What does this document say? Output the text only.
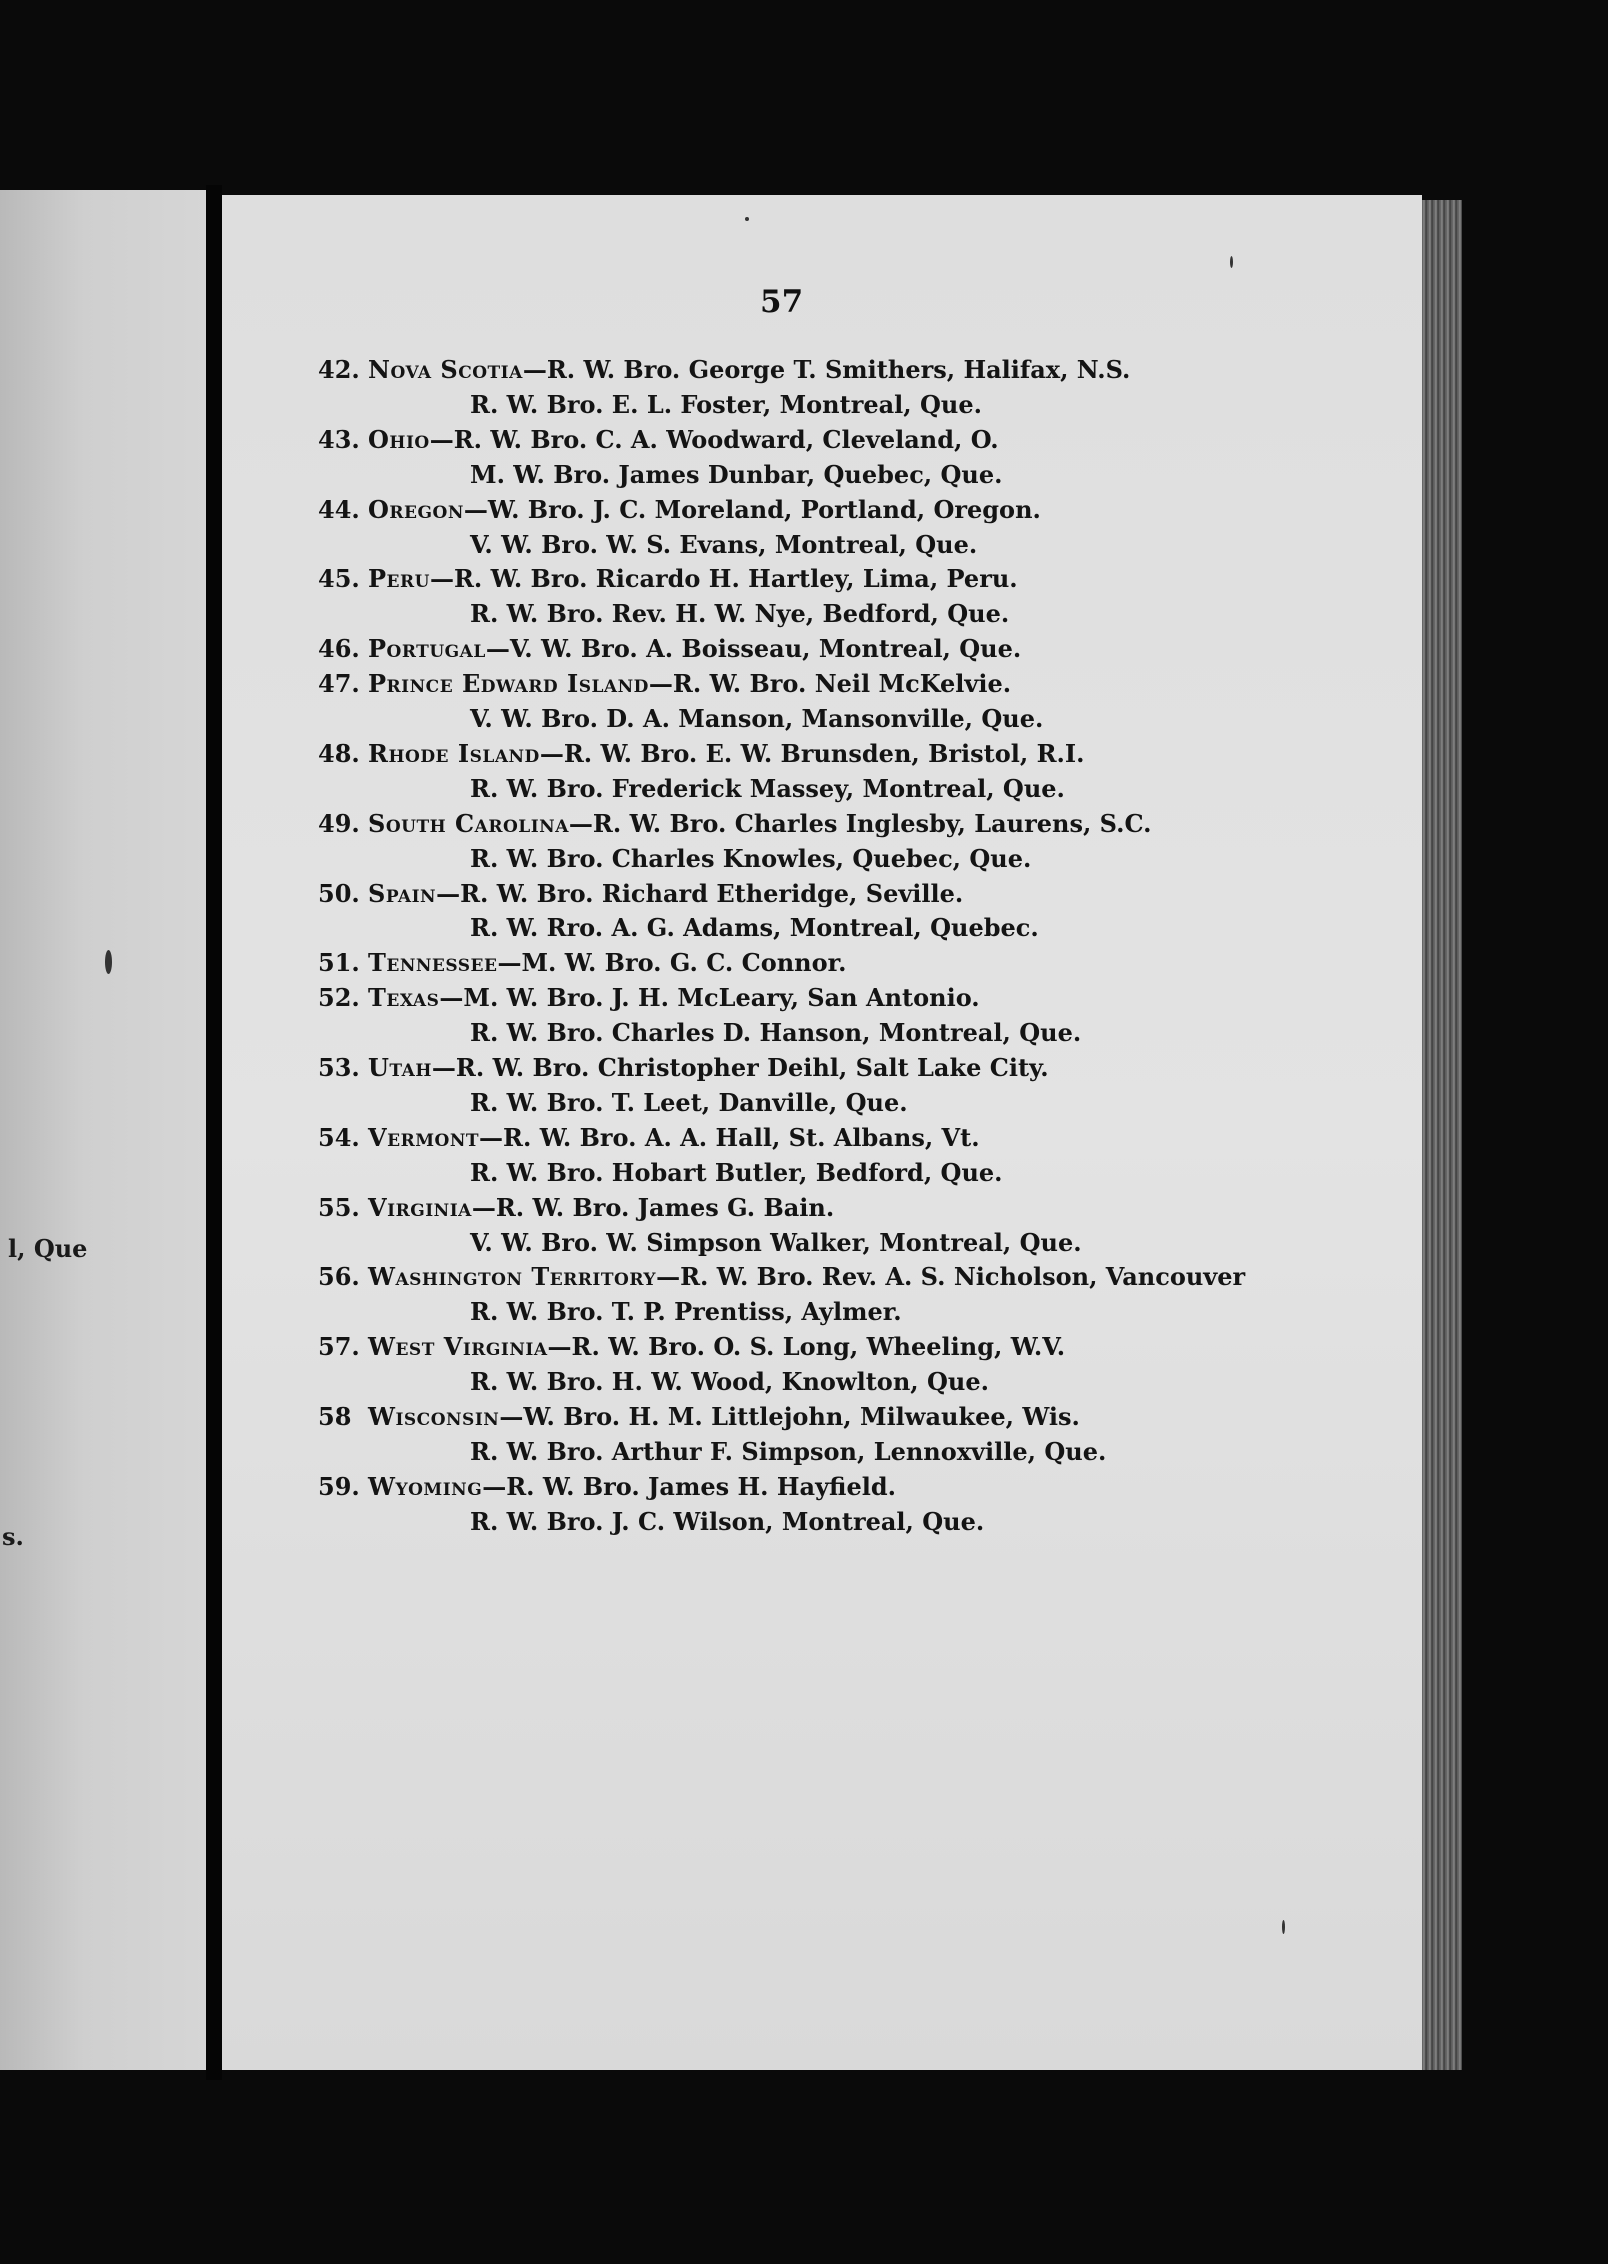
l, Que
s.
57
42. Nova Scotia—R. W. Bro. George T. Smithers, Halifax, N.S.
R. W. Bro. E. L. Foster, Montreal, Que.
43. Ohio—R. W. Bro. C. A. Woodward, Cleveland, O.
M. W. Bro. James Dunbar, Quebec, Que.
44. Oregon—W. Bro. J. C. Moreland, Portland, Oregon.
V. W. Bro. W. S. Evans, Montreal, Que.
45. Peru—R. W. Bro. Ricardo H. Hartley, Lima, Peru.
R. W. Bro. Rev. H. W. Nye, Bedford, Que.
46. Portugal—V. W. Bro. A. Boisseau, Montreal, Que.
47. Prince Edward Island—R. W. Bro. Neil McKelvie.
V. W. Bro. D. A. Manson, Mansonville, Que.
48. Rhode Island—R. W. Bro. E. W. Brunsden, Bristol, R.I.
R. W. Bro. Frederick Massey, Montreal, Que.
49. South Carolina—R. W. Bro. Charles Inglesby, Laurens, S.C.
R. W. Bro. Charles Knowles, Quebec, Que.
50. Spain—R. W. Bro. Richard Etheridge, Seville.
R. W. Rro. A. G. Adams, Montreal, Quebec.
51. Tennessee—M. W. Bro. G. C. Connor.
52. Texas—M. W. Bro. J. H. McLeary, San Antonio.
R. W. Bro. Charles D. Hanson, Montreal, Que.
53. Utah—R. W. Bro. Christopher Deihl, Salt Lake City.
R. W. Bro. T. Leet, Danville, Que.
54. Vermont—R. W. Bro. A. A. Hall, St. Albans, Vt.
R. W. Bro. Hobart Butler, Bedford, Que.
55. Virginia—R. W. Bro. James G. Bain.
V. W. Bro. W. Simpson Walker, Montreal, Que.
56. Washington Territory—R. W. Bro. Rev. A. S. Nicholson, Vancouver
R. W. Bro. T. P. Prentiss, Aylmer.
57. West Virginia—R. W. Bro. O. S. Long, Wheeling, W.V.
R. W. Bro. H. W. Wood, Knowlton, Que.
58 Wisconsin—W. Bro. H. M. Littlejohn, Milwaukee, Wis.
R. W. Bro. Arthur F. Simpson, Lennoxville, Que.
59. Wyoming—R. W. Bro. James H. Hayfield.
R. W. Bro. J. C. Wilson, Montreal, Que.
